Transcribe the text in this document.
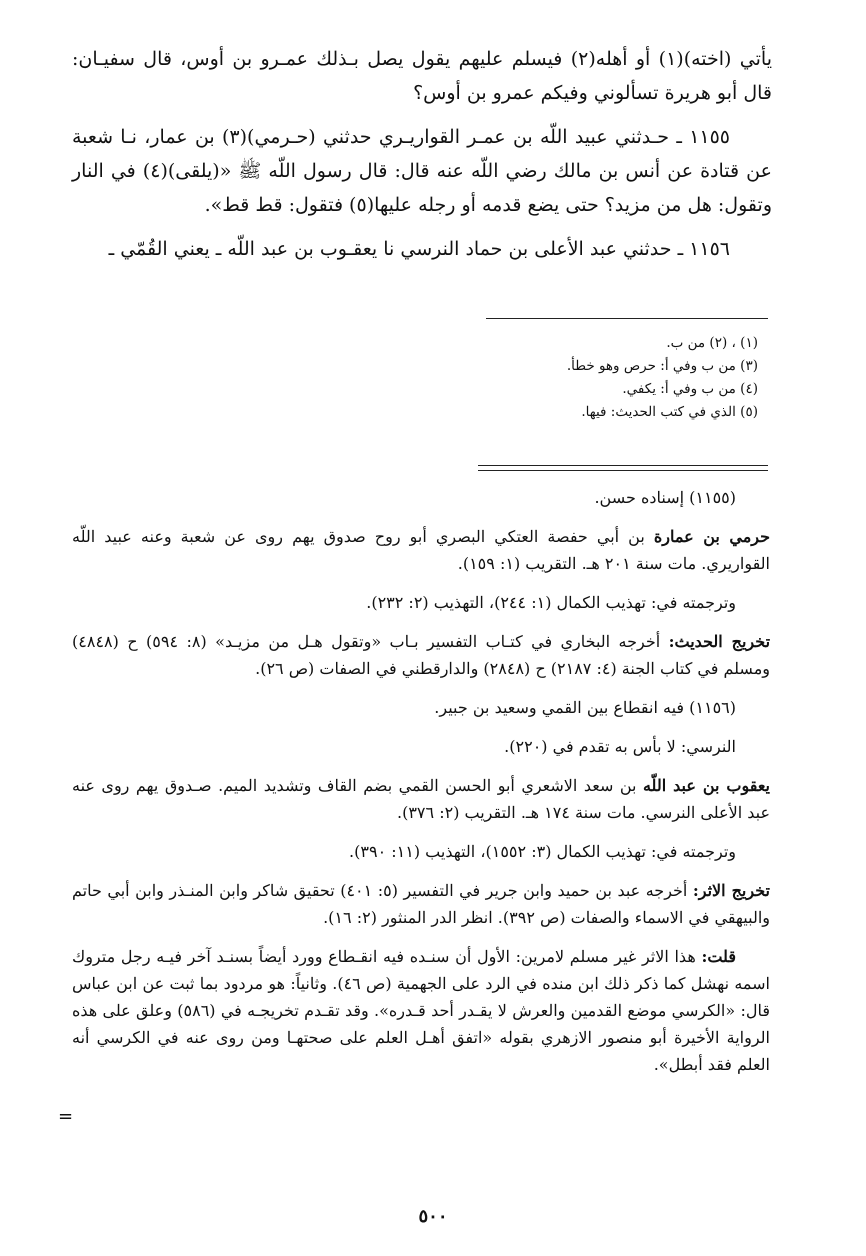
يأتي (اخته)(١) أو أهله(٢) فيسلم عليهم يقول يصل بـذلك عمـرو بن أوس، قال سفيـان: قال أبو هريرة تسألوني وفيكم عمرو بن أوس؟

١١٥٥ ـ حـدثني عبيد اللّه بن عمـر القواريـري حدثني (حـرمي)(٣) بن عمار، نـا شعبة عن قتادة عن أنس بن مالك رضي اللّه عنه قال: قال رسول اللّه ﷺ «(يلقى)(٤) في النار وتقول: هل من مزيد؟ حتى يضع قدمه أو رجله عليها(٥) فتقول: قط قط».

١١٥٦ ـ حدثني عبد الأعلى بن حماد النرسي نا يعقـوب بن عبد اللّه ـ يعني القُمّي ـ

(١) ، (٢) من ب.
(٣) من ب وفي أ: حرص وهو خطأ.
(٤) من ب وفي أ: يكفي.
(٥) الذي في كتب الحديث: فيها.

(١١٥٥) إسناده حسن.

حرمي بن عمارة بن أبي حفصة العتكي البصري أبو روح صدوق يهم روى عن شعبة وعنه عبيد اللّه القواريري. مات سنة ٢٠١ هـ. التقريب (١: ١٥٩).

وترجمته في: تهذيب الكمال (١: ٢٤٤)، التهذيب (٢: ٢٣٢).

تخريج الحديث: أخرجه البخاري في كتـاب التفسير بـاب «وتقول هـل من مزيـد» (٨: ٥٩٤) ح (٤٨٤٨) ومسلم في كتاب الجنة (٤: ٢١٨٧) ح (٢٨٤٨) والدارقطني في الصفات (ص ٢٦).

(١١٥٦) فيه انقطاع بين القمي وسعيد بن جبير.

النرسي: لا بأس به تقدم في (٢٢٠).

يعقوب بن عبد اللّه بن سعد الاشعري أبو الحسن القمي بضم القاف وتشديد الميم. صـدوق يهم روى عنه عبد الأعلى النرسي. مات سنة ١٧٤ هـ. التقريب (٢: ٣٧٦).

وترجمته في: تهذيب الكمال (٣: ١٥٥٢)، التهذيب (١١: ٣٩٠).

تخريج الاثر: أخرجه عبد بن حميد وابن جرير في التفسير (٥: ٤٠١) تحقيق شاكر وابن المنـذر وابن أبي حاتم والبيهقي في الاسماء والصفات (ص ٣٩٢). انظر الدر المنثور (٢: ١٦).

قلت: هذا الاثر غير مسلم لامرين: الأول أن سنـده فيه انقـطاع وورد أيضاً بسنـد آخر فيـه رجل متروك اسمه نهشل كما ذكر ذلك ابن منده في الرد على الجهمية (ص ٤٦). وثانياً: هو مردود بما ثبت عن ابن عباس قال: «الكرسي موضع القدمين والعرش لا يقـدر أحد قـدره». وقد تقـدم تخريجـه في (٥٨٦) وعلق على هذه الرواية الأخيرة أبو منصور الازهري بقوله «اتفق أهـل العلم على صحتهـا ومن روى عنه في الكرسي أنه العلم فقد أبطل».

=
٥٠٠
